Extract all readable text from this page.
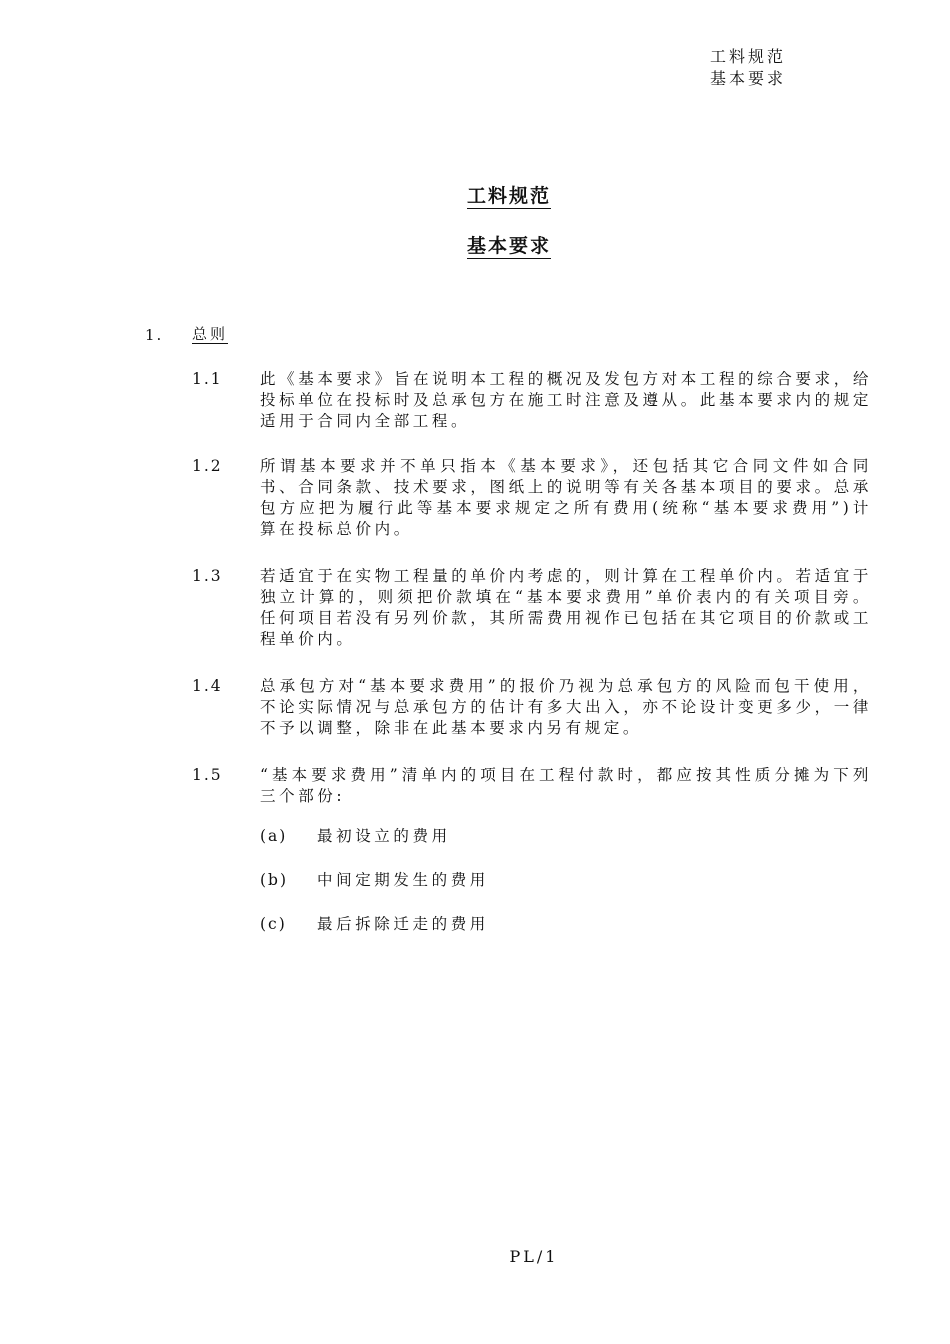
工料规范
基本要求
工料规范
基本要求
1. 总则
1.1 此《基本要求》旨在说明本工程的概况及发包方对本工程的综合要求，给投标单位在投标时及总承包方在施工时注意及遵从。此基本要求内的规定适用于合同内全部工程。
1.2 所谓基本要求并不单只指本《基本要求》，还包括其它合同文件如合同书、合同条款、技术要求，图纸上的说明等有关各基本项目的要求。总承包方应把为履行此等基本要求规定之所有费用(统称“基本要求费用”)计算在投标总价内。
1.3 若适宜于在实物工程量的单价内考虑的，则计算在工程单价内。若适宜于独立计算的，则须把价款填在“基本要求费用”单价表内的有关项目旁。任何项目若没有另列价款，其所需费用视作已包括在其它项目的价款或工程单价内。
1.4 总承包方对“基本要求费用”的报价乃视为总承包方的风险而包干使用，不论实际情况与总承包方的估计有多大出入，亦不论设计变更多少，一律不予以调整，除非在此基本要求内另有规定。
1.5 “基本要求费用”清单内的项目在工程付款时，都应按其性质分摊为下列三个部份:
(a) 最初设立的费用
(b) 中间定期发生的费用
(c) 最后拆除迁走的费用
PL/1
